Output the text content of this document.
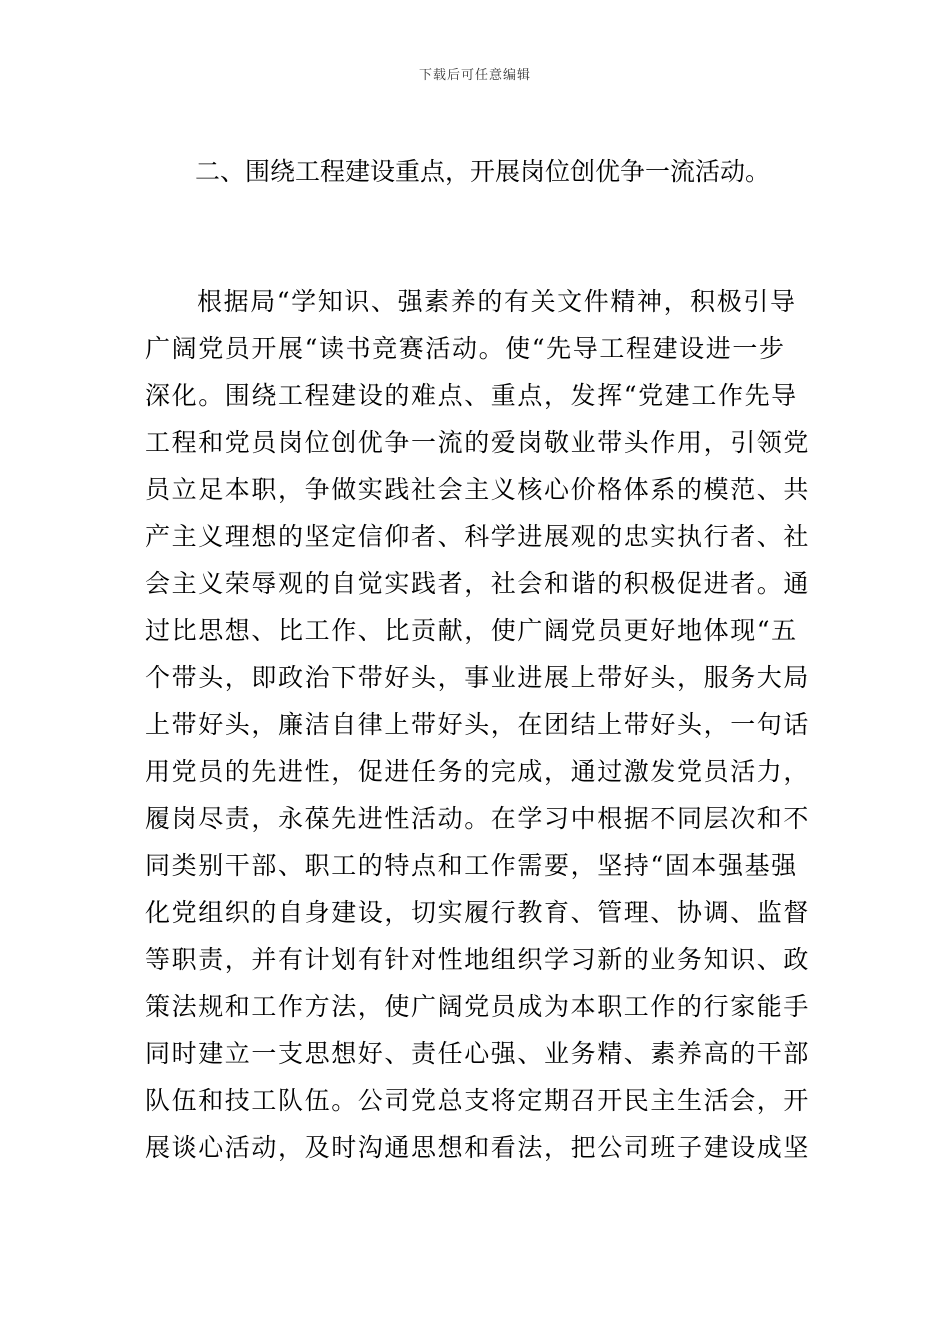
下载后可任意编辑
二、围绕工程建设重点，开展岗位创优争一流活动。
根据局“学知识、强素养的有关文件精神，积极引导
广阔党员开展“读书竞赛活动。使“先导工程建设进一步
深化。围绕工程建设的难点、重点，发挥“党建工作先导
工程和党员岗位创优争一流的爱岗敬业带头作用，引领党
员立足本职，争做实践社会主义核心价格体系的模范、共
产主义理想的坚定信仰者、科学进展观的忠实执行者、社
会主义荣辱观的自觉实践者，社会和谐的积极促进者。通
过比思想、比工作、比贡献，使广阔党员更好地体现“五
个带头，即政治下带好头，事业进展上带好头，服务大局
上带好头，廉洁自律上带好头，在团结上带好头，一句话
用党员的先进性，促进任务的完成，通过激发党员活力，
履岗尽责，永葆先进性活动。在学习中根据不同层次和不
同类别干部、职工的特点和工作需要，坚持“固本强基强
化党组织的自身建设，切实履行教育、管理、协调、监督
等职责，并有计划有针对性地组织学习新的业务知识、政
策法规和工作方法，使广阔党员成为本职工作的行家能手
同时建立一支思想好、责任心强、业务精、素养高的干部
队伍和技工队伍。公司党总支将定期召开民主生活会，开
展谈心活动，及时沟通思想和看法，把公司班子建设成坚
